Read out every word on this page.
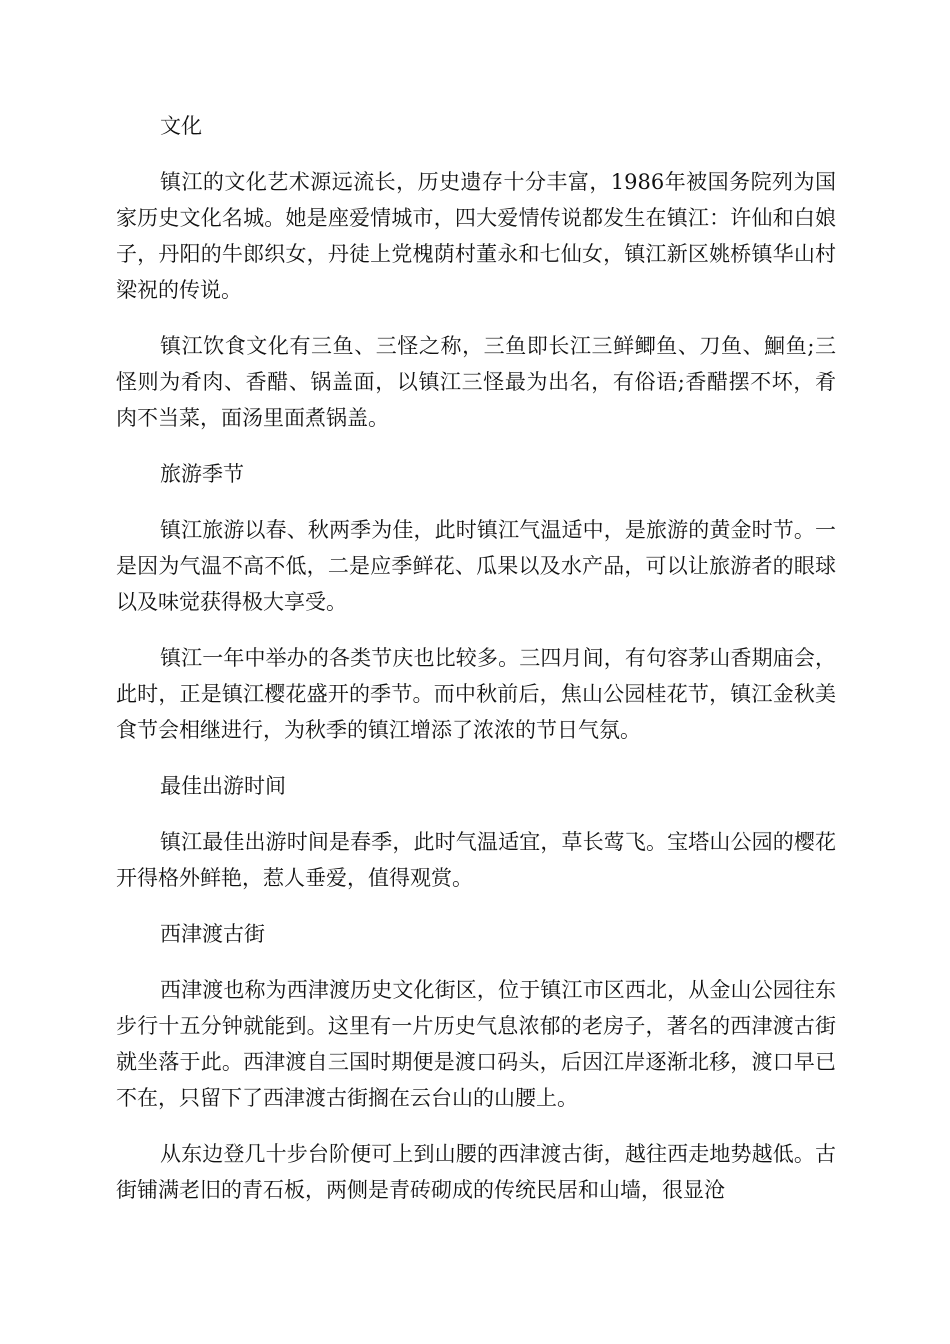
文化

镇江的文化艺术源远流长，历史遗存十分丰富，1986年被国务院列为国家历史文化名城。她是座爱情城市，四大爱情传说都发生在镇江：许仙和白娘子，丹阳的牛郎织女，丹徒上党槐荫村董永和七仙女，镇江新区姚桥镇华山村梁祝的传说。

镇江饮食文化有三鱼、三怪之称，三鱼即长江三鲜鲫鱼、刀鱼、鮰鱼;三怪则为肴肉、香醋、锅盖面，以镇江三怪最为出名，有俗语;香醋摆不坏，肴肉不当菜，面汤里面煮锅盖。

旅游季节

镇江旅游以春、秋两季为佳，此时镇江气温适中，是旅游的黄金时节。一是因为气温不高不低，二是应季鲜花、瓜果以及水产品，可以让旅游者的眼球以及味觉获得极大享受。

镇江一年中举办的各类节庆也比较多。三四月间，有句容茅山香期庙会，此时，正是镇江樱花盛开的季节。而中秋前后，焦山公园桂花节，镇江金秋美食节会相继进行，为秋季的镇江增添了浓浓的节日气氛。

最佳出游时间

镇江最佳出游时间是春季，此时气温适宜，草长莺飞。宝塔山公园的樱花开得格外鲜艳，惹人垂爱，值得观赏。

西津渡古街

西津渡也称为西津渡历史文化街区，位于镇江市区西北，从金山公园往东步行十五分钟就能到。这里有一片历史气息浓郁的老房子，著名的西津渡古街就坐落于此。西津渡自三国时期便是渡口码头，后因江岸逐渐北移，渡口早已不在，只留下了西津渡古街搁在云台山的山腰上。

从东边登几十步台阶便可上到山腰的西津渡古街，越往西走地势越低。古街铺满老旧的青石板，两侧是青砖砌成的传统民居和山墙，很显沧
